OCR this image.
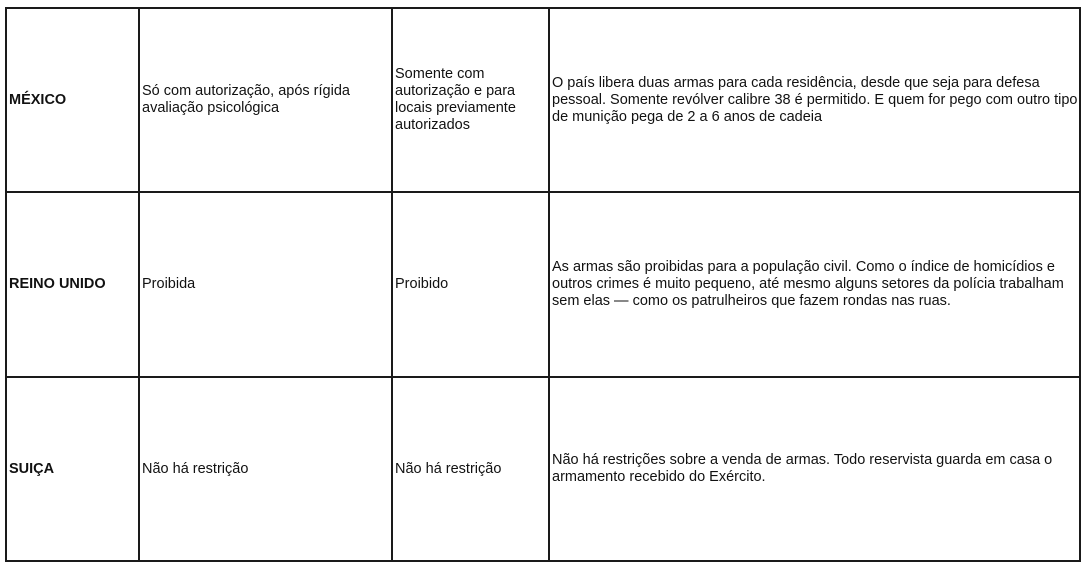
MÉXICO	Só com autorização, após rígida avaliação psicológica	Somente com autorização e para locais previamente autorizados	O país libera duas armas para cada residência, desde que seja para defesa pessoal. Somente revólver calibre 38 é permitido. E quem for pego com outro tipo de munição pega de 2 a 6 anos de cadeia
REINO UNIDO	Proibida	Proibido	As armas são proibidas para a população civil. Como o índice de homicídios e outros crimes é muito pequeno, até mesmo alguns setores da polícia trabalham sem elas — como os patrulheiros que fazem rondas nas ruas.
SUIÇA	Não há restrição	Não há restrição	Não há restrições sobre a venda de armas. Todo reservista guarda em casa o armamento recebido do Exército.
